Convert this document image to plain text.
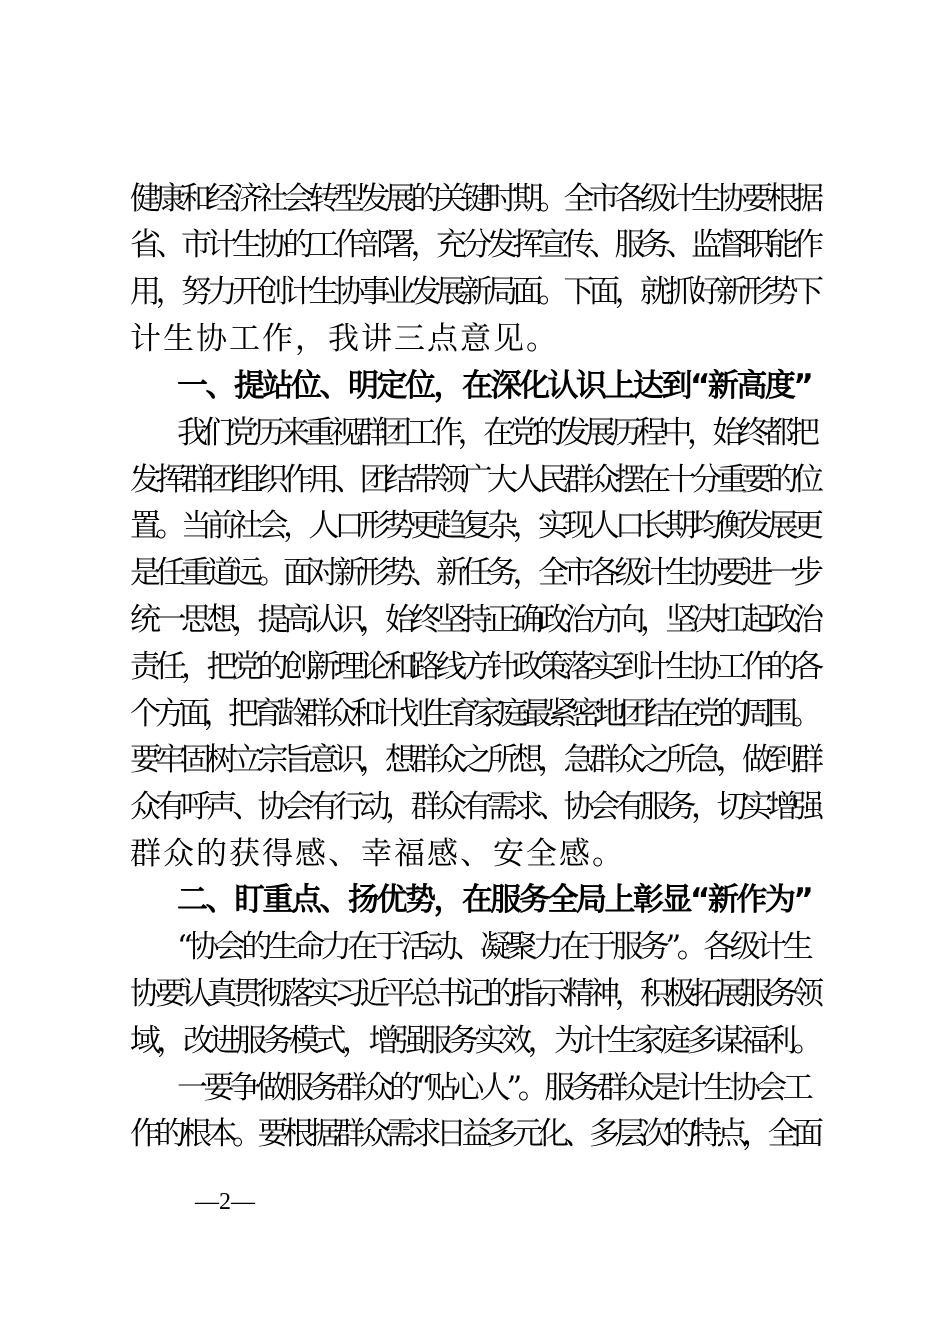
健康和经济社会转型发展的关键时期。全市各级计生协要根据
省、市计生协的工作部署，充分发挥宣传、服务、监督职能作
用，努力开创计生协事业发展新局面。下面，就抓好新形势下
计生协工作，我讲三点意见。
一、提站位、明定位，在深化认识上达到“新高度”
我们党历来重视群团工作，在党的发展历程中，始终都把
发挥群团组织作用、团结带领广大人民群众摆在十分重要的位
置。当前社会，人口形势更趋复杂，实现人口长期均衡发展更
是任重道远。面对新形势、新任务，全市各级计生协要进一步
统一思想，提高认识，始终坚持正确政治方向，坚决扛起政治
责任，把党的创新理论和路线方针政策落实到计生协工作的各
个方面，把育龄群众和计划生育家庭最紧密地团结在党的周围。
要牢固树立宗旨意识，想群众之所想，急群众之所急，做到群
众有呼声、协会有行动，群众有需求、协会有服务，切实增强
群众的获得感、幸福感、安全感。
二、盯重点、扬优势，在服务全局上彰显“新作为”
“协会的生命力在于活动、凝聚力在于服务”。各级计生
协要认真贯彻落实习近平总书记的指示精神，积极拓展服务领
域，改进服务模式，增强服务实效，为计生家庭多谋福利。
一要争做服务群众的“贴心人”。服务群众是计生协会工
作的根本。要根据群众需求日益多元化、多层次的特点，全面
—2—
